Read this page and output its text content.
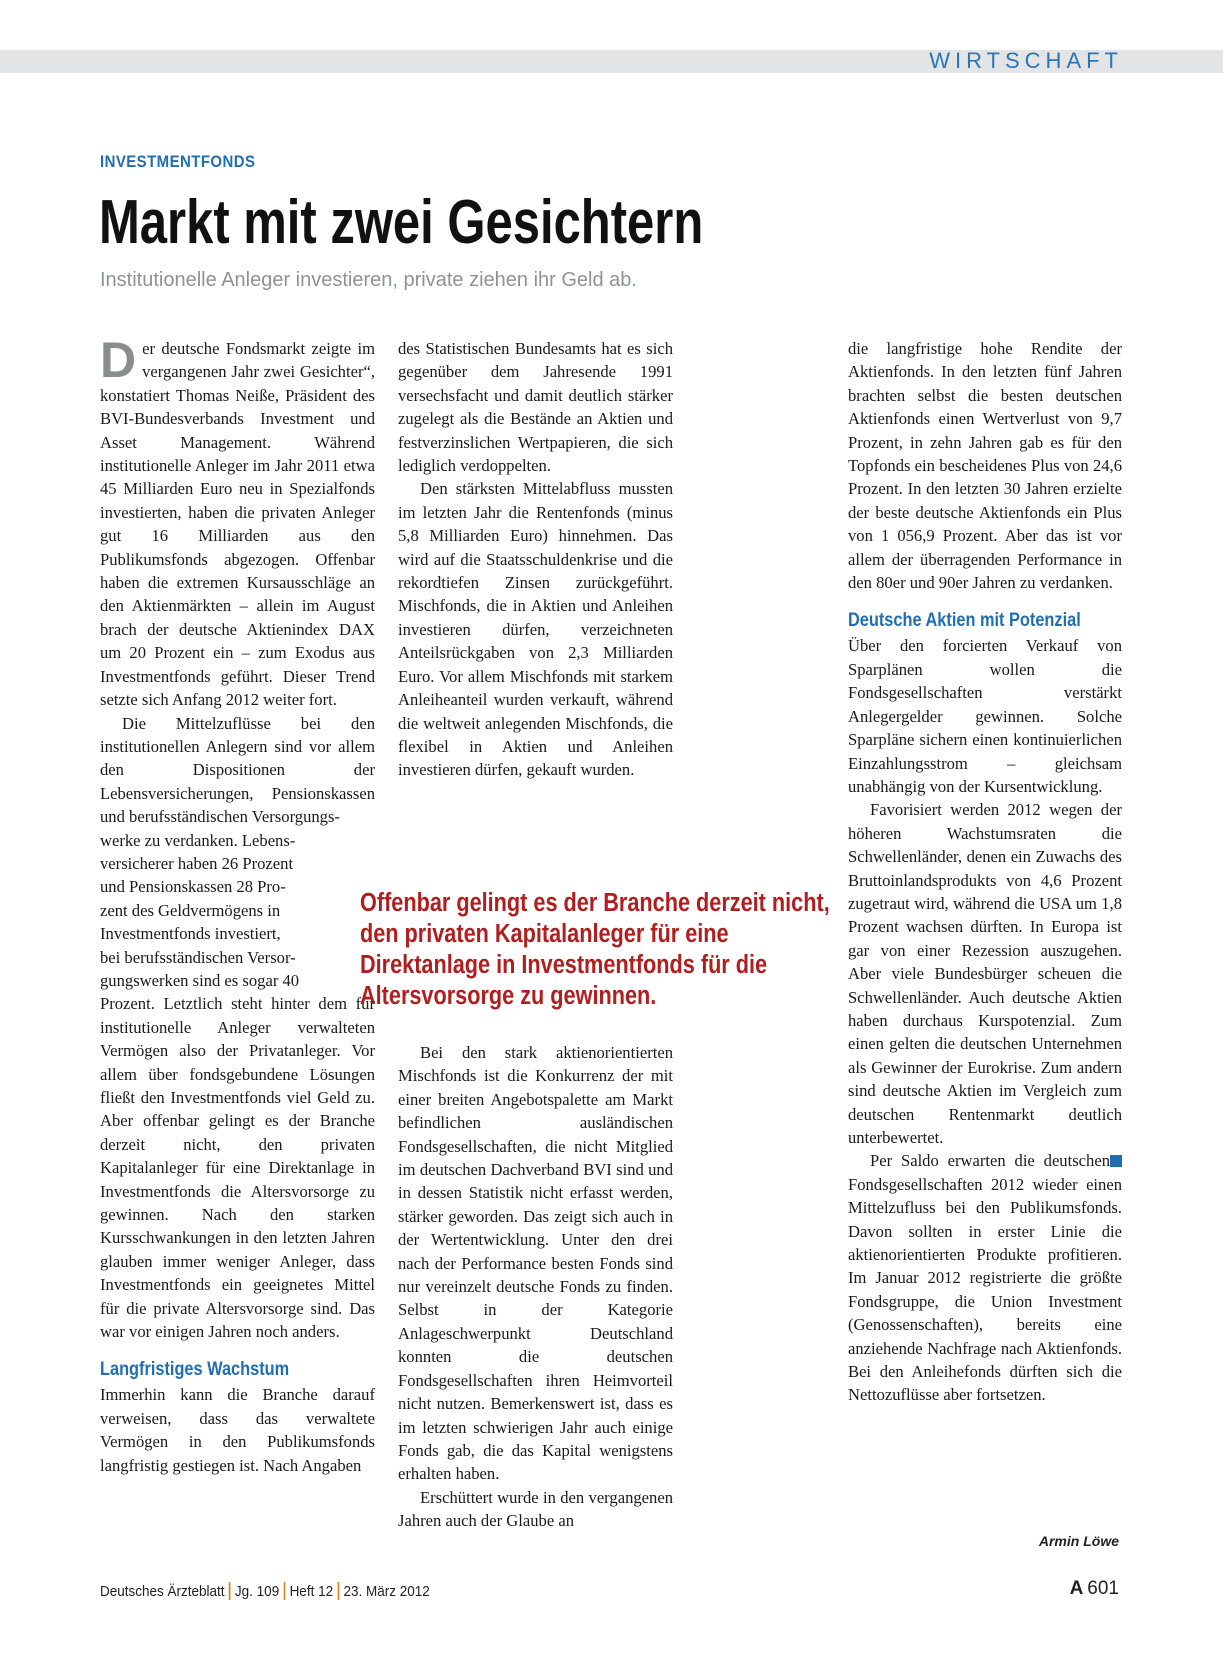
WIRTSCHAFT
INVESTMENTFONDS
Markt mit zwei Gesichtern
Institutionelle Anleger investieren, private ziehen ihr Geld ab.

Der deutsche Fondsmarkt zeigte im vergangenen Jahr zwei Gesichter“, konstatiert Thomas Neiße, Präsident des BVI-Bundesverbands Investment und Asset Management. Während institutionelle Anleger im Jahr 2011 etwa 45 Milliarden Euro neu in Spezialfonds investierten, haben die privaten Anleger gut 16 Milliarden aus den Publikumsfonds abgezogen. Offenbar haben die extremen Kursausschläge an den Aktienmärkten – allein im August brach der deutsche Aktienindex DAX um 20 Prozent ein – zum Exodus aus Investmentfonds geführt. Dieser Trend setzte sich Anfang 2012 weiter fort.

Die Mittelzuflüsse bei den institutionellen Anlegern sind vor allem den Dispositionen der Lebensversicherungen, Pensionskassen und berufsständischen Versorgungs-

werke zu verdanken. Lebens-
versicherer haben 26 Prozent
und Pensionskassen 28 Pro-
zent des Geldvermögens in
Investmentfonds investiert,
bei berufsständischen Versor-
gungswerken sind es sogar 40

Prozent. Letztlich steht hinter dem für institutionelle Anleger verwalteten Vermögen also der Privatanleger. Vor allem über fondsgebundene Lösungen fließt den Investmentfonds viel Geld zu. Aber offenbar gelingt es der Branche derzeit nicht, den privaten Kapitalanleger für eine Direktanlage in Investmentfonds die Altersvorsorge zu gewinnen. Nach den starken Kursschwankungen in den letzten Jahren glauben immer weniger Anleger, dass Investmentfonds ein geeignetes Mittel für die private Altersvorsorge sind. Das war vor einigen Jahren noch anders.

Langfristiges Wachstum

Immerhin kann die Branche darauf verweisen, dass das verwaltete Vermögen in den Publikumsfonds langfristig gestiegen ist. Nach Angaben

des Statistischen Bundesamts hat es sich gegenüber dem Jahresende 1991 versechsfacht und damit deutlich stärker zugelegt als die Bestände an Aktien und festverzinslichen Wertpapieren, die sich lediglich verdoppelten.

Den stärksten Mittelabfluss mussten im letzten Jahr die Rentenfonds (minus 5,8 Milliarden Euro) hinnehmen. Das wird auf die Staatsschuldenkrise und die rekordtiefen Zinsen zurückgeführt. Mischfonds, die in Aktien und Anleihen investieren dürfen, verzeichneten Anteilsrückgaben von 2,3 Milliarden Euro. Vor allem Mischfonds mit starkem Anleiheanteil wurden verkauft, während die weltweit anlegenden Mischfonds, die flexibel in Aktien und Anleihen investieren dürfen, gekauft wurden.

Offenbar gelingt es der Branche derzeit nicht, den privaten Kapitalanleger für eine Direktanlage in Investmentfonds für die Altersvorsorge zu gewinnen.

Bei den stark aktienorientierten Mischfonds ist die Konkurrenz der mit einer breiten Angebotspalette am Markt befindlichen ausländischen Fondsgesellschaften, die nicht Mitglied im deutschen Dachverband BVI sind und in dessen Statistik nicht erfasst werden, stärker geworden. Das zeigt sich auch in der Wertentwicklung. Unter den drei nach der Performance besten Fonds sind nur vereinzelt deutsche Fonds zu finden. Selbst in der Kategorie Anlageschwerpunkt Deutschland konnten die deutschen Fondsgesellschaften ihren Heimvorteil nicht nutzen. Bemerkenswert ist, dass es im letzten schwierigen Jahr auch einige Fonds gab, die das Kapital wenigstens erhalten haben.

Erschüttert wurde in den vergangenen Jahren auch der Glaube an

die langfristige hohe Rendite der Aktienfonds. In den letzten fünf Jahren brachten selbst die besten deutschen Aktienfonds einen Wertverlust von 9,7 Prozent, in zehn Jahren gab es für den Topfonds ein bescheidenes Plus von 24,6 Prozent. In den letzten 30 Jahren erzielte der beste deutsche Aktienfonds ein Plus von 1 056,9 Prozent. Aber das ist vor allem der überragenden Performance in den 80er und 90er Jahren zu verdanken.

Deutsche Aktien mit Potenzial

Über den forcierten Verkauf von Sparplänen wollen die Fondsgesellschaften verstärkt Anlegergelder gewinnen. Solche Sparpläne sichern einen kontinuierlichen Einzahlungsstrom – gleichsam unabhängig von der Kursentwicklung.

Favorisiert werden 2012 wegen der höheren Wachstumsraten die Schwellenländer, denen ein Zuwachs des Bruttoinlandsprodukts von 4,6 Prozent zugetraut wird, während die USA um 1,8 Prozent wachsen dürften. In Europa ist gar von einer Rezession auszugehen. Aber viele Bundesbürger scheuen die Schwellenländer. Auch deutsche Aktien haben durchaus Kurspotenzial. Zum einen gelten die deutschen Unternehmen als Gewinner der Eurokrise. Zum andern sind deutsche Aktien im Vergleich zum deutschen Rentenmarkt deutlich unterbewertet.

Per Saldo erwarten die deutschen Fondsgesellschaften 2012 wieder einen Mittelzufluss bei den Publikumsfonds. Davon sollten in erster Linie die aktienorientierten Produkte profitieren. Im Januar 2012 registrierte die größte Fondsgruppe, die Union Investment (Genossenschaften), bereits eine anziehende Nachfrage nach Aktienfonds. Bei den Anleihefonds dürften sich die Nettozuflüsse aber fortsetzen.

Armin Löwe
Deutsches Ärzteblatt Jg. 109 Heft 12 23. März 2012	A 601
